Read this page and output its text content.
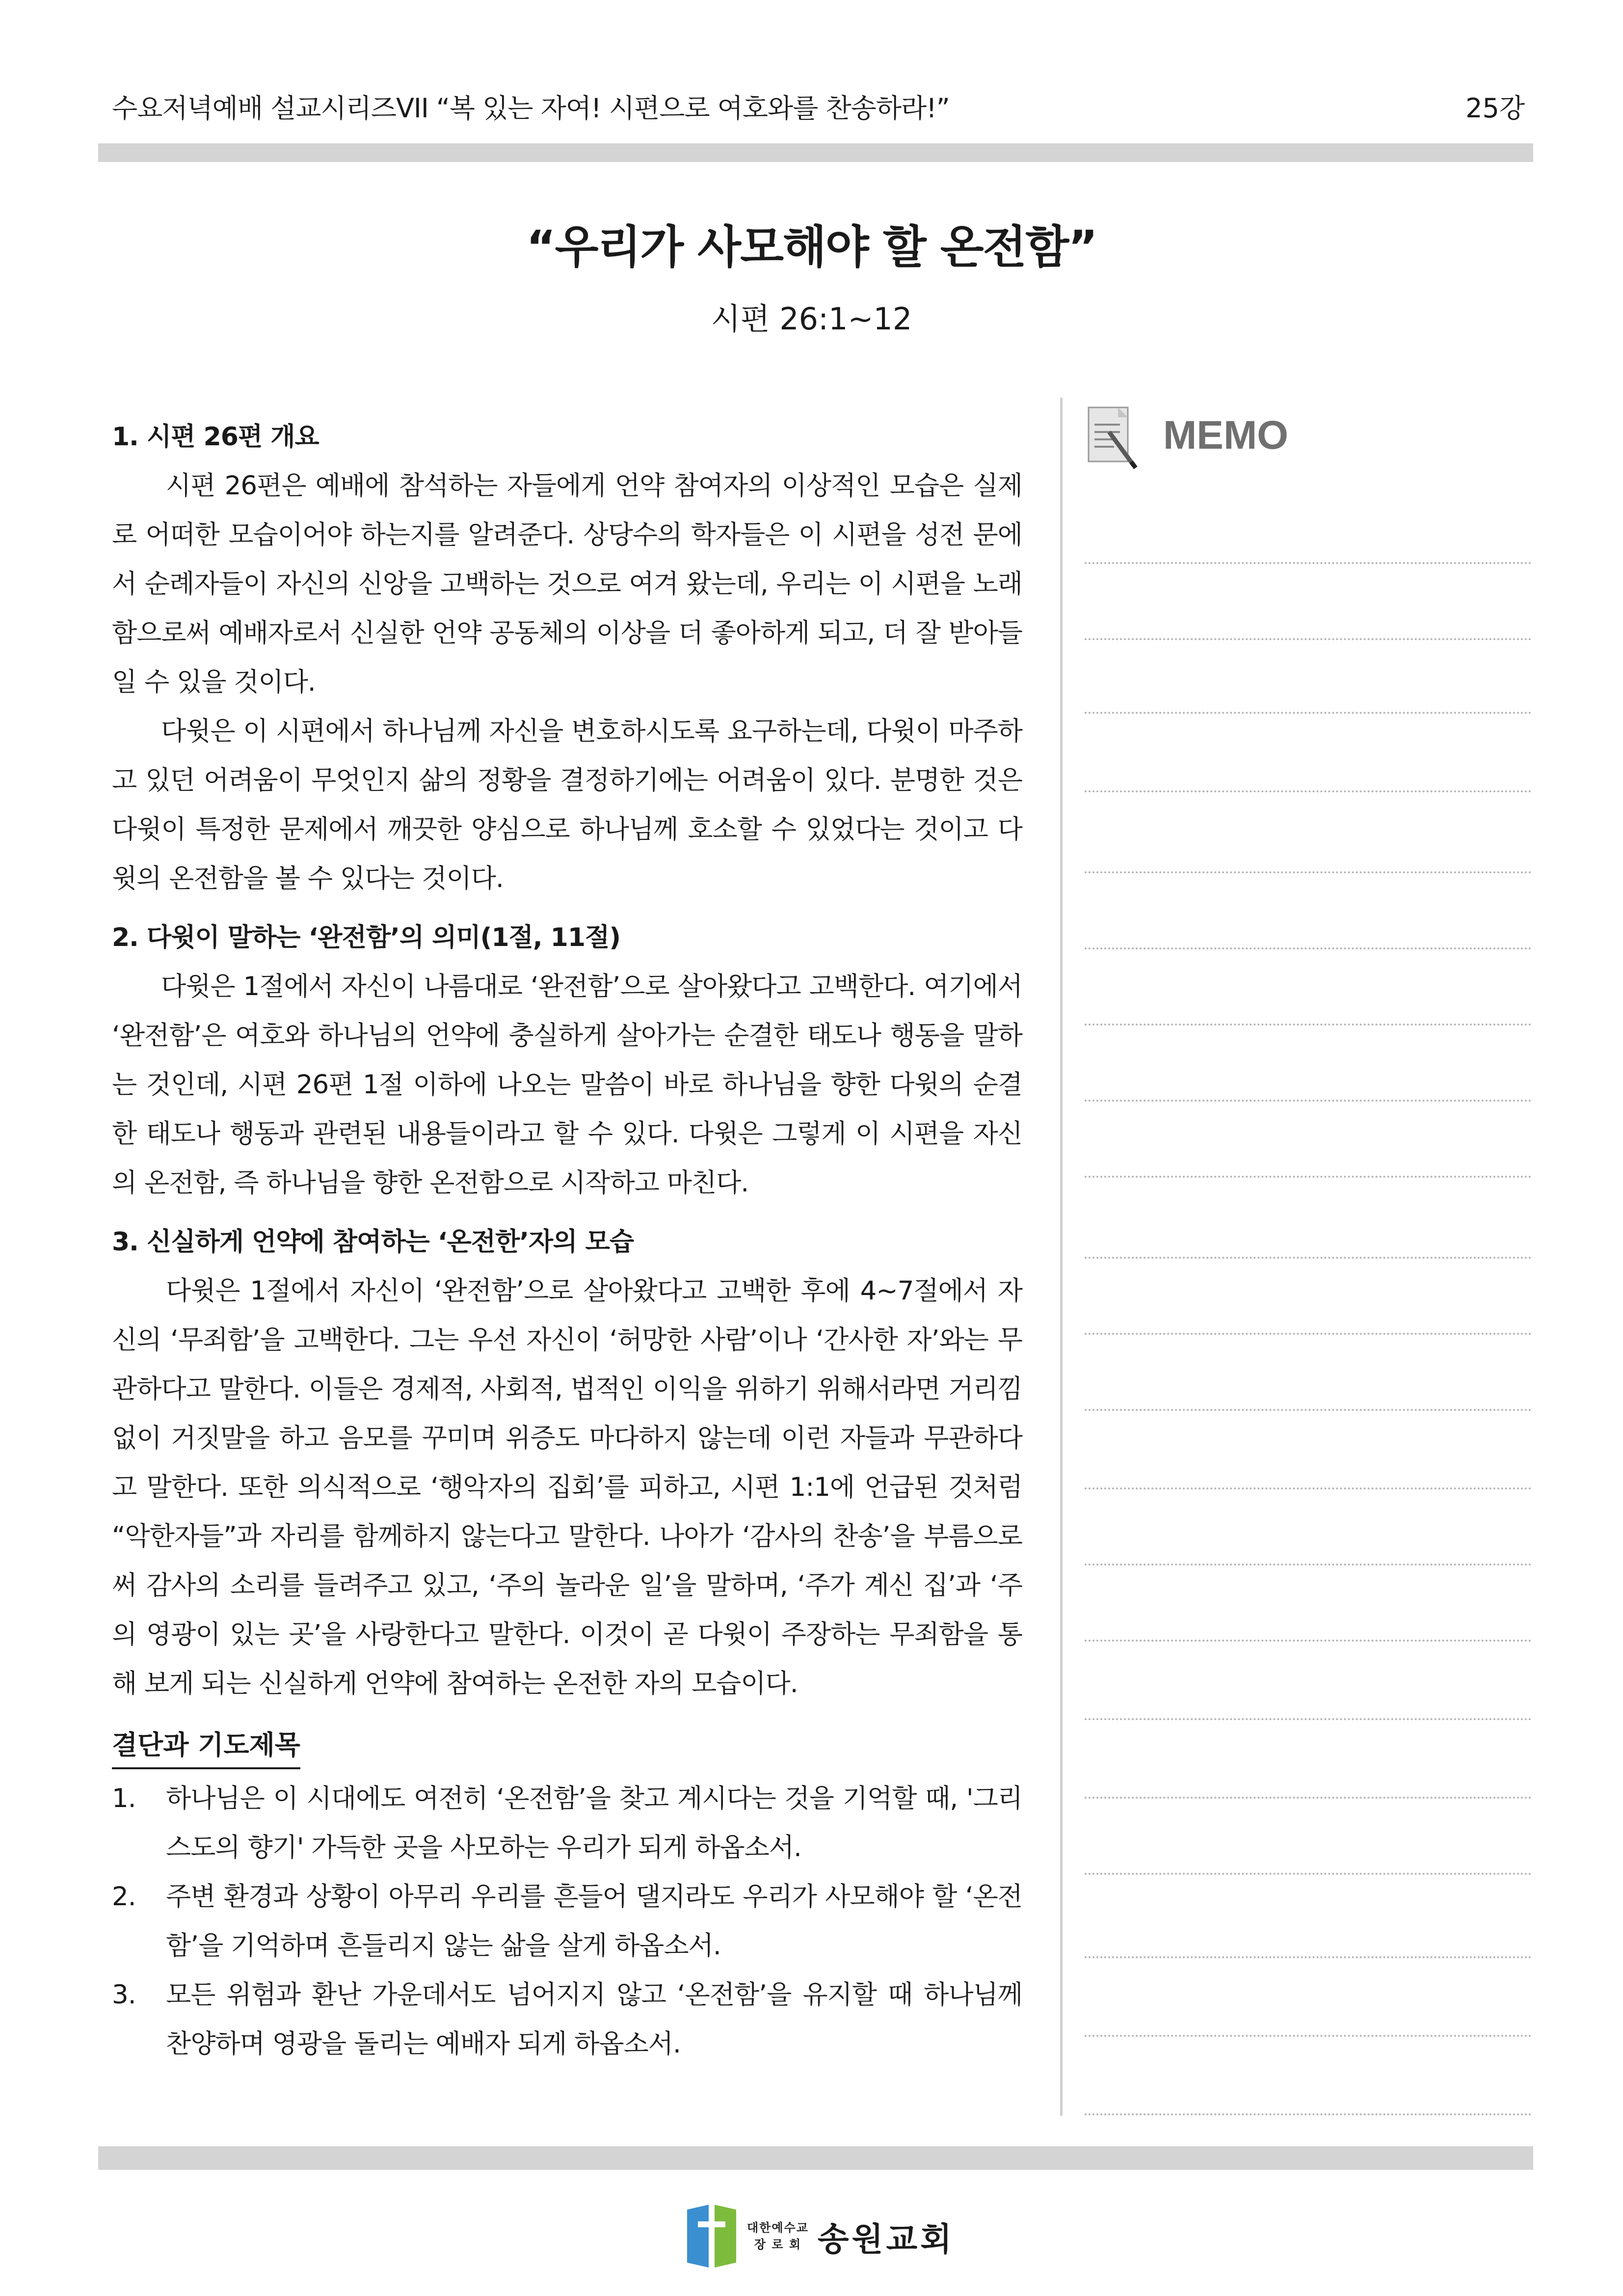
수요저녁예배 설교시리즈VII “복 있는 자여! 시편으로 여호와를 찬송하라!”	25강
“우리가 사모해야 할 온전함”
시편 26:1~12
1. 시편 26편 개요

시편 26편은 예배에 참석하는 자들에게 언약 참여자의 이상적인 모습은 실제로 어떠한 모습이어야 하는지를 알려준다. 상당수의 학자들은 이 시편을 성전 문에서 순례자들이 자신의 신앙을 고백하는 것으로 여겨 왔는데, 우리는 이 시편을 노래함으로써 예배자로서 신실한 언약 공동체의 이상을 더 좋아하게 되고, 더 잘 받아들일 수 있을 것이다.

다윗은 이 시편에서 하나님께 자신을 변호하시도록 요구하는데, 다윗이 마주하고 있던 어려움이 무엇인지 삶의 정황을 결정하기에는 어려움이 있다. 분명한 것은 다윗이 특정한 문제에서 깨끗한 양심으로 하나님께 호소할 수 있었다는 것이고 다윗의 온전함을 볼 수 있다는 것이다.

2. 다윗이 말하는 ‘완전함’의 의미(1절, 11절)

다윗은 1절에서 자신이 나름대로 ‘완전함’으로 살아왔다고 고백한다. 여기에서 ‘완전함’은 여호와 하나님의 언약에 충실하게 살아가는 순결한 태도나 행동을 말하는 것인데, 시편 26편 1절 이하에 나오는 말씀이 바로 하나님을 향한 다윗의 순결한 태도나 행동과 관련된 내용들이라고 할 수 있다. 다윗은 그렇게 이 시편을 자신의 온전함, 즉 하나님을 향한 온전함으로 시작하고 마친다.

3. 신실하게 언약에 참여하는 ‘온전한’자의 모습

다윗은 1절에서 자신이 ‘완전함’으로 살아왔다고 고백한 후에 4~7절에서 자신의 ‘무죄함’을 고백한다. 그는 우선 자신이 ‘허망한 사람’이나 ‘간사한 자’와는 무관하다고 말한다. 이들은 경제적, 사회적, 법적인 이익을 위하기 위해서라면 거리낌 없이 거짓말을 하고 음모를 꾸미며 위증도 마다하지 않는데 이런 자들과 무관하다고 말한다. 또한 의식적으로 ‘행악자의 집회’를 피하고, 시편 1:1에 언급된 것처럼 “악한자들”과 자리를 함께하지 않는다고 말한다. 나아가 ‘감사의 찬송’을 부름으로써 감사의 소리를 들려주고 있고, ‘주의 놀라운 일’을 말하며, ‘주가 계신 집’과 ‘주의 영광이 있는 곳’을 사랑한다고 말한다. 이것이 곧 다윗이 주장하는 무죄함을 통해 보게 되는 신실하게 언약에 참여하는 온전한 자의 모습이다.

결단과 기도제목
1. 하나님은 이 시대에도 여전히 ‘온전함’을 찾고 계시다는 것을 기억할 때, '그리스도의 향기' 가득한 곳을 사모하는 우리가 되게 하옵소서.
2. 주변 환경과 상황이 아무리 우리를 흔들어 댈지라도 우리가 사모해야 할 ‘온전함’을 기억하며 흔들리지 않는 삶을 살게 하옵소서.
3. 모든 위험과 환난 가운데서도 넘어지지 않고 ‘온전함’을 유지할 때 하나님께 찬양하며 영광을 돌리는 예배자 되게 하옵소서.
MEMO
대한예수교
장 로 회 송원교회
